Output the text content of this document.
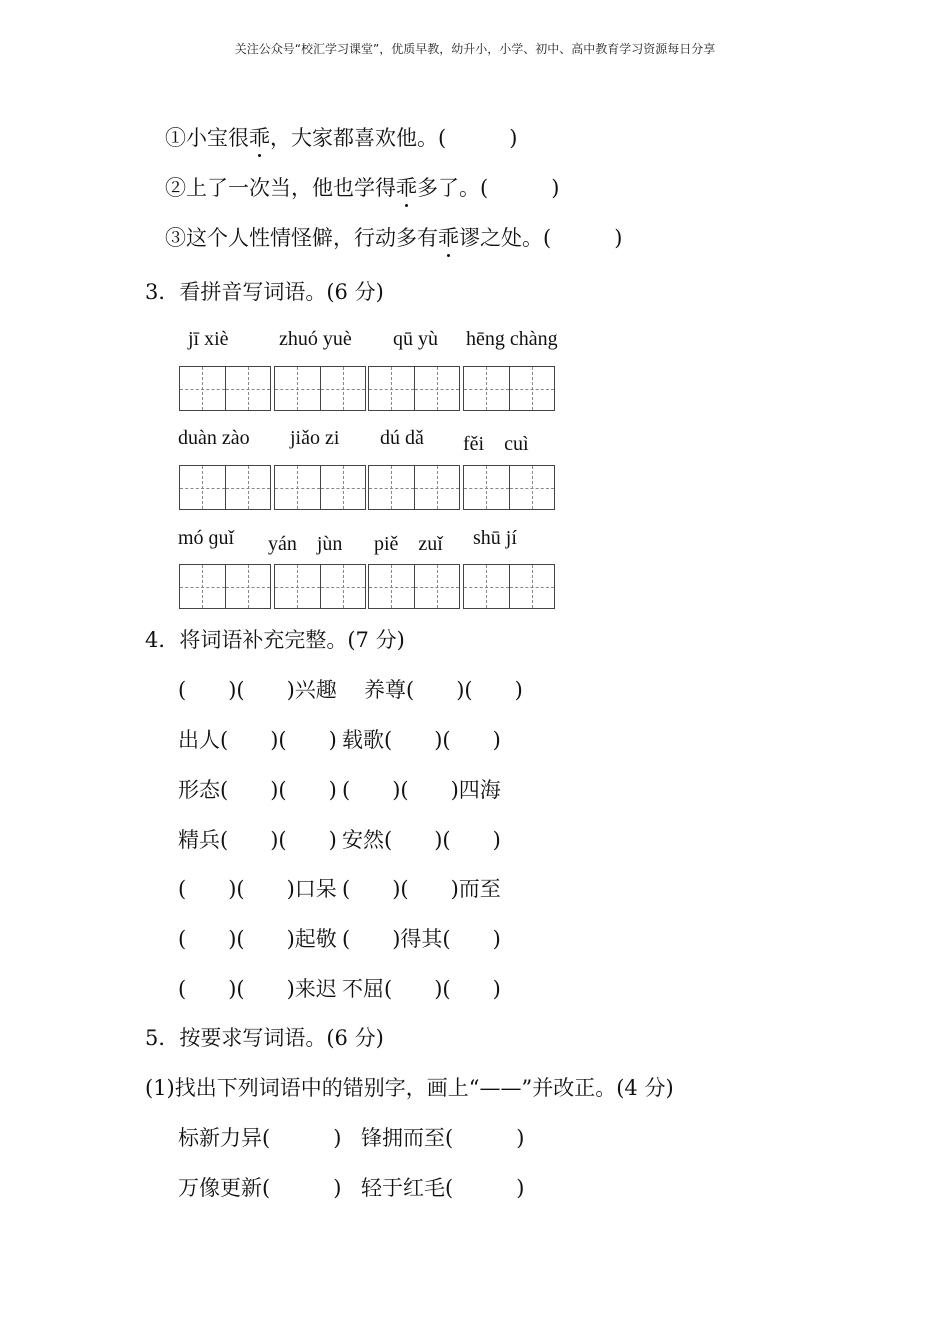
关注公众号“校汇学习课堂”，优质早教，幼升小，小学、初中、高中教育学习资源每日分享
①小宝很乖，大家都喜欢他。(　　　)
②上了一次当，他也学得乖多了。(　　　)
③这个人性情怪僻，行动多有乖谬之处。(　　　)
3．看拼音写词语。(6 分)
jī xiè	zhuó yuè qū yù hēng chàng
duàn zào jiǎo zi dú dǎ fěi　cuì
mó ɡuǐ yán　jùn piě　zuǐ shū jí
4．将词语补充完整。(7 分)
(　　)(　　)兴趣 养尊(　　)(　　)
出人(　　)(　　) 载歌(　　)(　　)
形态(　　)(　　) (　　)(　　)四海
精兵(　　)(　　) 安然(　　)(　　)
(　　)(　　)口呆 (　　)(　　)而至
(　　)(　　)起敬 (　　)得其(　　)
(　　)(　　)来迟 不屈(　　)(　　)
5．按要求写词语。(6 分)
(1)找出下列词语中的错别字，画上“——”并改正。(4 分)
标新力异(　　　) 锋拥而至(　　　)
万像更新(　　　) 轻于红毛(　　　)
